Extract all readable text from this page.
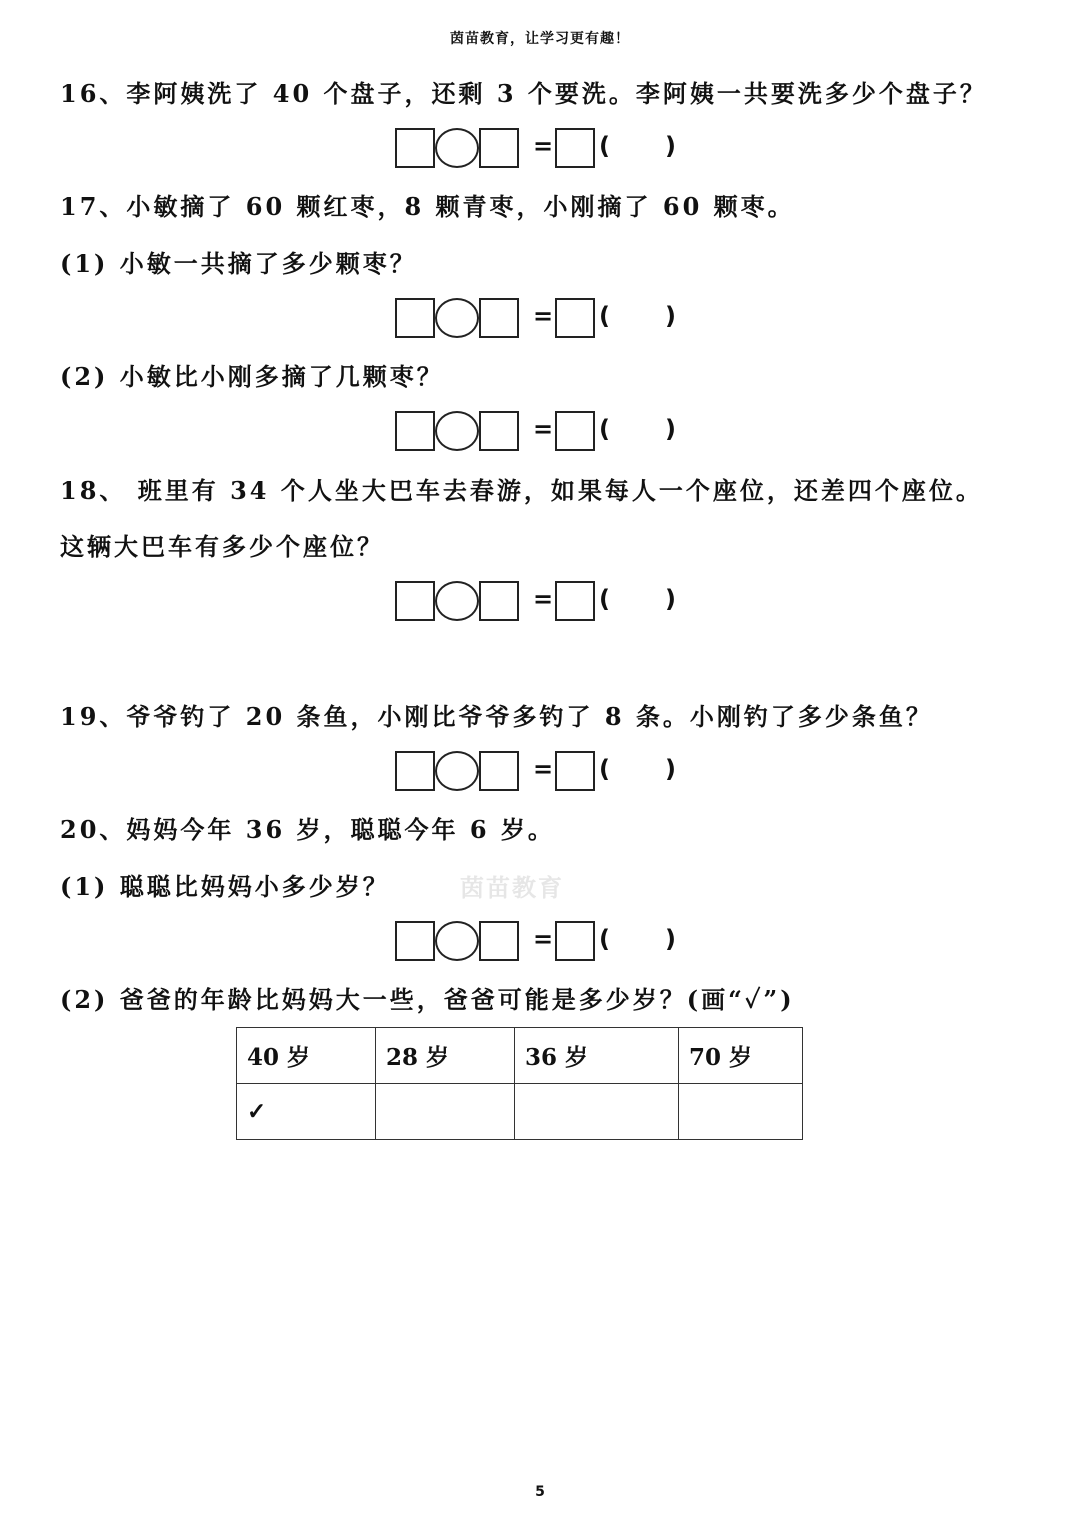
茵苗教育，让学习更有趣！
16、李阿姨洗了 40 个盘子，还剩 3 个要洗。李阿姨一共要洗多少个盘子？
= ( )
17、小敏摘了 60 颗红枣，8 颗青枣，小刚摘了 60 颗枣。
(1) 小敏一共摘了多少颗枣？
= ( )
(2) 小敏比小刚多摘了几颗枣？
= ( )
18、 班里有 34 个人坐大巴车去春游，如果每人一个座位，还差四个座位。
这辆大巴车有多少个座位？
= ( )
19、爷爷钓了 20 条鱼，小刚比爷爷多钓了 8 条。小刚钓了多少条鱼？
= ( )
20、妈妈今年 36 岁，聪聪今年 6 岁。
(1) 聪聪比妈妈小多少岁？	茵苗教育
= ( )
(2) 爸爸的年龄比妈妈大一些，爸爸可能是多少岁？(画“✓”)
40 岁	28 岁	36 岁	70 岁
✓			
5
